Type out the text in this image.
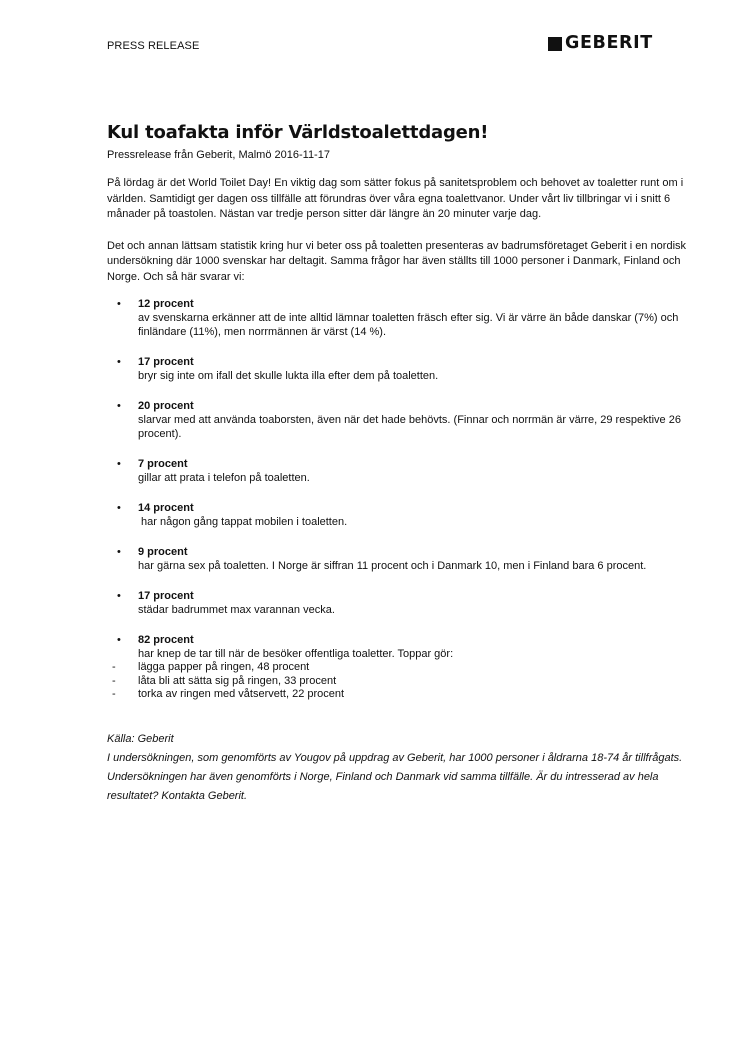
PRESS RELEASE	GEBERIT
Kul toafakta inför Världstoalettdagen!

Pressrelease från Geberit, Malmö 2016-11-17

På lördag är det World Toilet Day! En viktig dag som sätter fokus på sanitetsproblem och behovet av toaletter runt om i världen. Samtidigt ger dagen oss tillfälle att förundras över våra egna toalettvanor. Under vårt liv tillbringar vi i snitt 6 månader på toastolen. Nästan var tredje person sitter där längre än 20 minuter varje dag.

Det och annan lättsam statistik kring hur vi beter oss på toaletten presenteras av badrumsföretaget Geberit i en nordisk undersökning där 1000 svenskar har deltagit. Samma frågor har även ställts till 1000 personer i Danmark, Finland och Norge. Och så här svarar vi:

• 12 procent
av svenskarna erkänner att de inte alltid lämnar toaletten fräsch efter sig. Vi är värre än både danskar (7%) och finländare (11%), men norrmännen är värst (14 %).
• 17 procent
bryr sig inte om ifall det skulle lukta illa efter dem på toaletten.
• 20 procent
slarvar med att använda toaborsten, även när det hade behövts. (Finnar och norrmän är värre, 29 respektive 26 procent).
• 7 procent
gillar att prata i telefon på toaletten.
• 14 procent
har någon gång tappat mobilen i toaletten.
• 9 procent
har gärna sex på toaletten. I Norge är siffran 11 procent och i Danmark 10, men i Finland bara 6 procent.
• 17 procent
städar badrummet max varannan vecka.
• 82 procent
har knep de tar till när de besöker offentliga toaletter. Toppar gör:
- lägga papper på ringen, 48 procent
- låta bli att sätta sig på ringen, 33 procent
- torka av ringen med våtservett, 22 procent

Källa: Geberit

I undersökningen, som genomförts av Yougov på uppdrag av Geberit, har 1000 personer i åldrarna 18-74 år tillfrågats. Undersökningen har även genomförts i Norge, Finland och Danmark vid samma tillfälle. Är du intresserad av hela resultatet? Kontakta Geberit.
